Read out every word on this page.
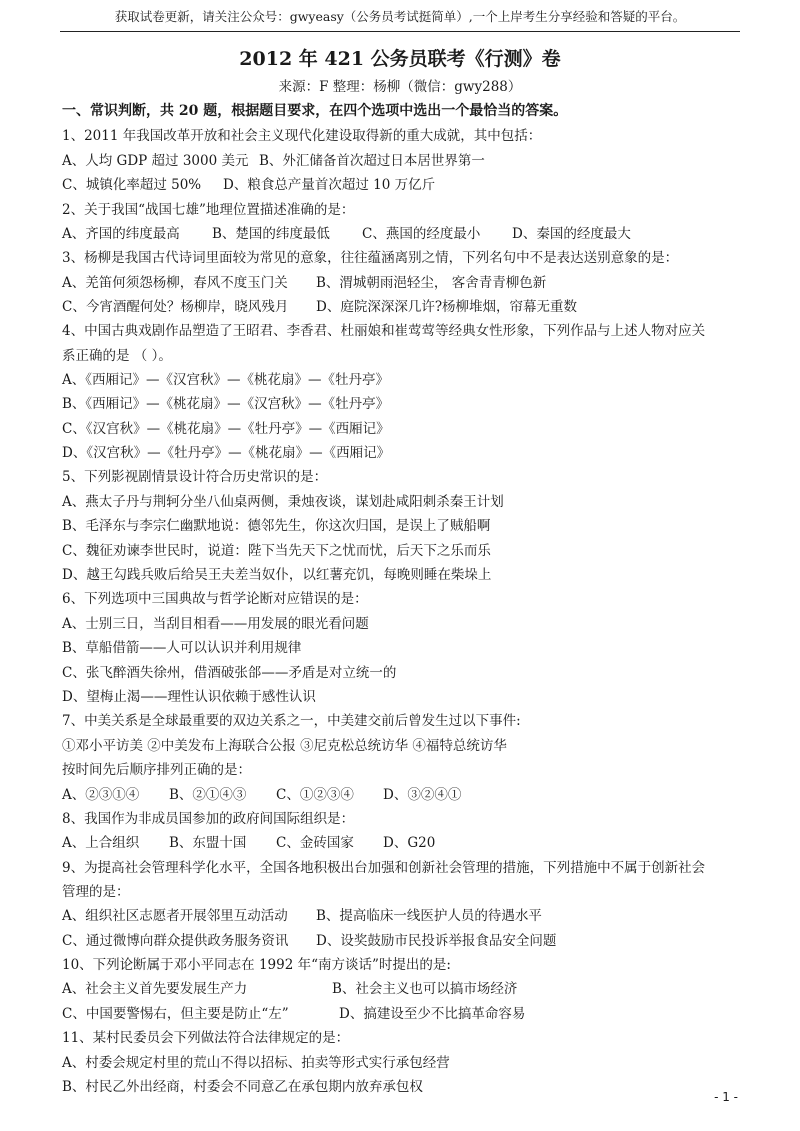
获取试卷更新，请关注公众号：gwyeasy（公务员考试挺简单）,一个上岸考生分享经验和答疑的平台。
2012 年 421 公务员联考《行测》卷
来源：F 整理：杨柳（微信：gwy288）
一、常识判断，共 20 题，根据题目要求，在四个选项中选出一个最恰当的答案。
1、2011 年我国改革开放和社会主义现代化建设取得新的重大成就，其中包括：
A、人均 GDP 超过 3000 美元 B、外汇储备首次超过日本居世界第一
C、城镇化率超过 50% D、粮食总产量首次超过 10 万亿斤
2、关于我国“战国七雄”地理位置描述准确的是：
A、齐国的纬度最高 B、楚国的纬度最低 C、燕国的经度最小 D、秦国的经度最大
3、杨柳是我国古代诗词里面较为常见的意象，往往蕴涵离别之情，下列名句中不是表达送别意象的是：
A、羌笛何须怨杨柳，春风不度玉门关 B、渭城朝雨浥轻尘， 客舍青青柳色新
C、今宵酒醒何处？杨柳岸，晓风残月 D、庭院深深深几许?杨柳堆烟，帘幕无重数
4、中国古典戏剧作品塑造了王昭君、李香君、杜丽娘和崔莺莺等经典女性形象，下列作品与上述人物对应关
系正确的是 （ ）。
A、《西厢记》—《汉宫秋》—《桃花扇》—《牡丹亭》
B、《西厢记》—《桃花扇》—《汉宫秋》—《牡丹亭》
C、《汉宫秋》—《桃花扇》—《牡丹亭》—《西厢记》
D、《汉宫秋》—《牡丹亭》—《桃花扇》—《西厢记》
5、下列影视剧情景设计符合历史常识的是：
A、燕太子丹与荆轲分坐八仙桌两侧，秉烛夜谈，谋划赴咸阳刺杀秦王计划
B、毛泽东与李宗仁幽默地说：德邻先生，你这次归国，是误上了贼船啊
C、魏征劝谏李世民时，说道：陛下当先天下之忧而忧，后天下之乐而乐
D、越王勾践兵败后给吴王夫差当奴仆，以红薯充饥，每晚则睡在柴垛上
6、下列选项中三国典故与哲学论断对应错误的是：
A、士别三日，当刮目相看——用发展的眼光看问题
B、草船借箭——人可以认识并利用规律
C、张飞醉酒失徐州，借酒破张郃——矛盾是对立统一的
D、望梅止渴——理性认识依赖于感性认识
7、中美关系是全球最重要的双边关系之一，中美建交前后曾发生过以下事件:
①邓小平访美 ②中美发布上海联合公报 ③尼克松总统访华 ④福特总统访华
按时间先后顺序排列正确的是：
A、②③①④ B、②①④③ C、①②③④ D、③②④①
8、我国作为非成员国参加的政府间国际组织是：
A、上合组织 B、东盟十国 C、金砖国家 D、G20
9、为提高社会管理科学化水平，全国各地积极出台加强和创新社会管理的措施，下列措施中不属于创新社会
管理的是：
A、组织社区志愿者开展邻里互动活动 B、提高临床一线医护人员的待遇水平
C、通过微博向群众提供政务服务资讯 D、设奖鼓励市民投诉举报食品安全问题
10、下列论断属于邓小平同志在 1992 年“南方谈话”时提出的是:
A、社会主义首先要发展生产力	B、社会主义也可以搞市场经济
C、中国要警惕右，但主要是防止“左”	D、搞建设至少不比搞革命容易
11、某村民委员会下列做法符合法律规定的是：
A、村委会规定村里的荒山不得以招标、拍卖等形式实行承包经营
B、村民乙外出经商，村委会不同意乙在承包期内放弃承包权
- 1 -
